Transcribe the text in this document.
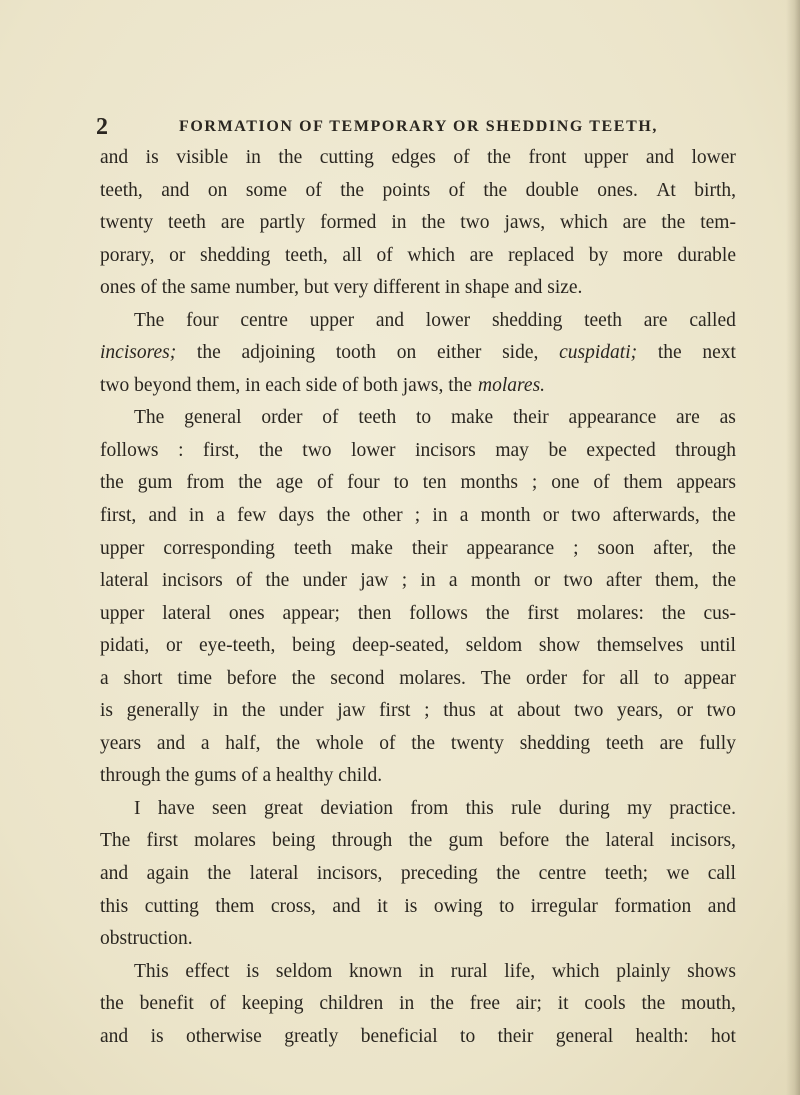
2	FORMATION OF TEMPORARY OR SHEDDING TEETH,
and is visible in the cutting edges of the front upper and lower
teeth, and on some of the points of the double ones. At birth,
twenty teeth are partly formed in the two jaws, which are the tem-
porary, or shedding teeth, all of which are replaced by more durable
ones of the same number, but very different in shape and size.
The four centre upper and lower shedding teeth are called
incisores; the adjoining tooth on either side, cuspidati; the next
two beyond them, in each side of both jaws, the molares.
The general order of teeth to make their appearance are as
follows : first, the two lower incisors may be expected through
the gum from the age of four to ten months ; one of them appears
first, and in a few days the other ; in a month or two afterwards, the
upper corresponding teeth make their appearance ; soon after, the
lateral incisors of the under jaw ; in a month or two after them, the
upper lateral ones appear; then follows the first molares: the cus-
pidati, or eye-teeth, being deep-seated, seldom show themselves until
a short time before the second molares. The order for all to appear
is generally in the under jaw first ; thus at about two years, or two
years and a half, the whole of the twenty shedding teeth are fully
through the gums of a healthy child.
I have seen great deviation from this rule during my practice.
The first molares being through the gum before the lateral incisors,
and again the lateral incisors, preceding the centre teeth; we call
this cutting them cross, and it is owing to irregular formation and
obstruction.
This effect is seldom known in rural life, which plainly shows
the benefit of keeping children in the free air; it cools the mouth,
and is otherwise greatly beneficial to their general health: hot
